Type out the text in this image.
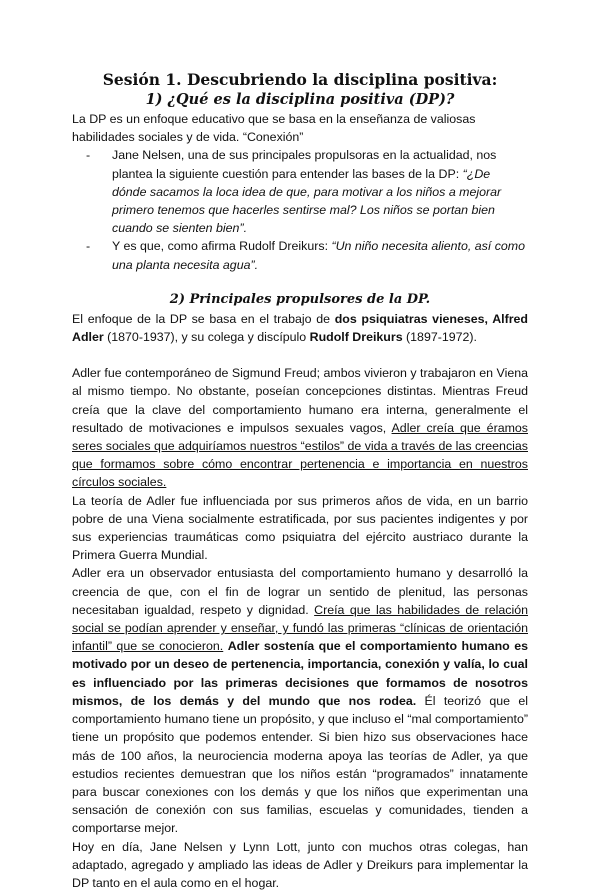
Sesión 1. Descubriendo la disciplina positiva:
1) ¿Qué es la disciplina positiva (DP)?

La DP es un enfoque educativo que se basa en la enseñanza de valiosas habilidades sociales y de vida. “Conexión”

- Jane Nelsen, una de sus principales propulsoras en la actualidad, nos plantea la siguiente cuestión para entender las bases de la DP: “¿De dónde sacamos la loca idea de que, para motivar a los niños a mejorar primero tenemos que hacerles sentirse mal? Los niños se portan bien cuando se sienten bien”.
- Y es que, como afirma Rudolf Dreikurs: “Un niño necesita aliento, así como una planta necesita agua”.
2) Principales propulsores de la DP.

El enfoque de la DP se basa en el trabajo de dos psiquiatras vieneses, Alfred Adler (1870-1937), y su colega y discípulo Rudolf Dreikurs (1897-1972).

Adler fue contemporáneo de Sigmund Freud; ambos vivieron y trabajaron en Viena al mismo tiempo. No obstante, poseían concepciones distintas. Mientras Freud creía que la clave del comportamiento humano era interna, generalmente el resultado de motivaciones e impulsos sexuales vagos, Adler creía que éramos seres sociales que adquiríamos nuestros “estilos” de vida a través de las creencias que formamos sobre cómo encontrar pertenencia e importancia en nuestros círculos sociales.

La teoría de Adler fue influenciada por sus primeros años de vida, en un barrio pobre de una Viena socialmente estratificada, por sus pacientes indigentes y por sus experiencias traumáticas como psiquiatra del ejército austriaco durante la Primera Guerra Mundial.

Adler era un observador entusiasta del comportamiento humano y desarrolló la creencia de que, con el fin de lograr un sentido de plenitud, las personas necesitaban igualdad, respeto y dignidad. Creía que las habilidades de relación social se podían aprender y enseñar, y fundó las primeras “clínicas de orientación infantil” que se conocieron. Adler sostenía que el comportamiento humano es motivado por un deseo de pertenencia, importancia, conexión y valía, lo cual es influenciado por las primeras decisiones que formamos de nosotros mismos, de los demás y del mundo que nos rodea. Él teorizó que el comportamiento humano tiene un propósito, y que incluso el “mal comportamiento” tiene un propósito que podemos entender. Si bien hizo sus observaciones hace más de 100 años, la neurociencia moderna apoya las teorías de Adler, ya que estudios recientes demuestran que los niños están “programados” innatamente para buscar conexiones con los demás y que los niños que experimentan una sensación de conexión con sus familias, escuelas y comunidades, tienden a comportarse mejor.

Hoy en día, Jane Nelsen y Lynn Lott, junto con muchos otras colegas, han adaptado, agregado y ampliado las ideas de Adler y Dreikurs para implementar la DP tanto en el aula como en el hogar.
